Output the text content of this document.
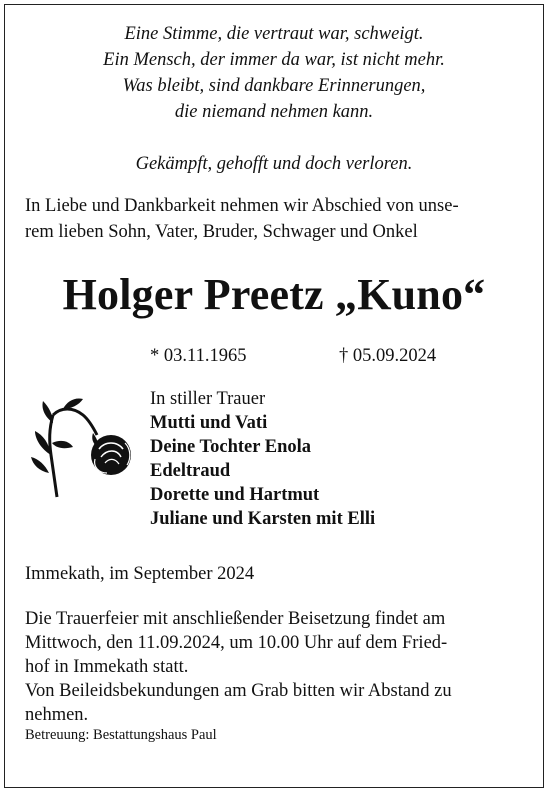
Eine Stimme, die vertraut war, schweigt.
Ein Mensch, der immer da war, ist nicht mehr.
Was bleibt, sind dankbare Erinnerungen,
die niemand nehmen kann.
Gekämpft, gehofft und doch verloren.
In Liebe und Dankbarkeit nehmen wir Abschied von unse-
rem lieben Sohn, Vater, Bruder, Schwager und Onkel
Holger Preetz „Kuno“
* 03.11.1965	† 05.09.2024
In stiller Trauer
Mutti und Vati
Deine Tochter Enola
Edeltraud
Dorette und Hartmut
Juliane und Karsten mit Elli
Immekath, im September 2024
Die Trauerfeier mit anschließender Beisetzung findet am
Mittwoch, den 11.09.2024, um 10.00 Uhr auf dem Fried-
hof in Immekath statt.
Von Beileidsbekundungen am Grab bitten wir Abstand zu
nehmen.
Betreuung: Bestattungshaus Paul
